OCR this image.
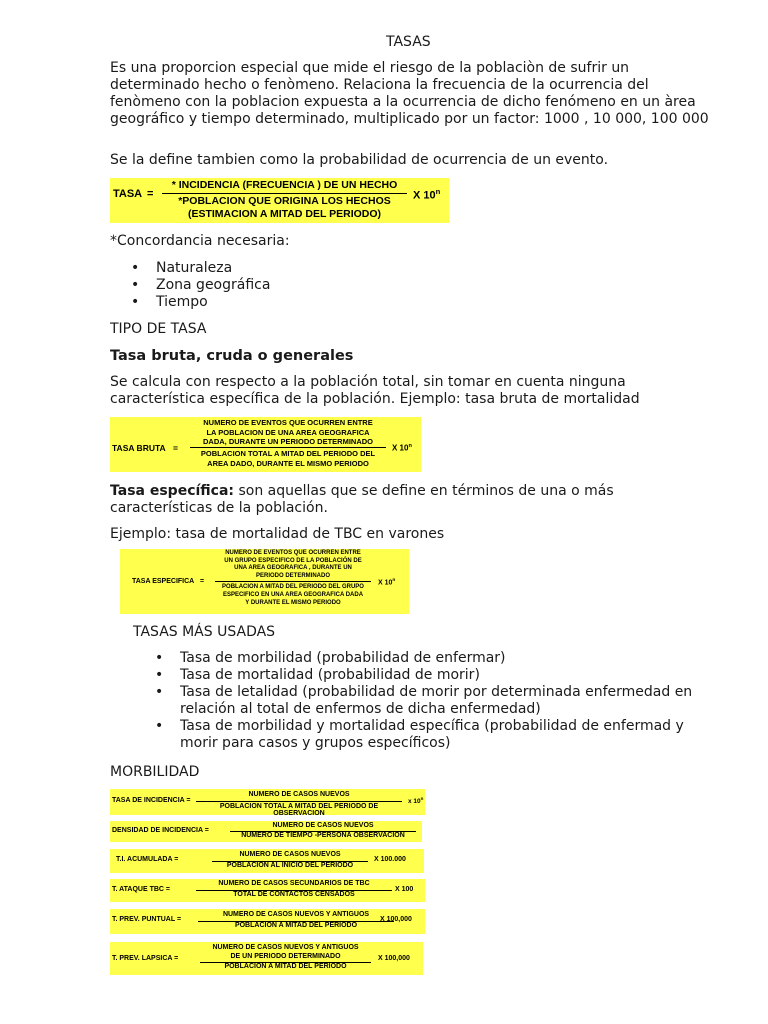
TASAS
Es una proporcion especial que mide el riesgo de la poblaciòn de sufrir un determinado hecho o fenòmeno. Relaciona la frecuencia de la ocurrencia del fenòmeno con la poblacion expuesta a la ocurrencia de dicho fenómeno en un àrea geográfico y tiempo determinado, multiplicado por un factor: 1000 , 10 000, 100 000
Se la define tambien como la probabilidad de ocurrencia de un evento.
TASA =
* INCIDENCIA (FRECUENCIA ) DE UN HECHO
*POBLACION QUE ORIGINA LOS HECHOS
(ESTIMACION A MITAD DEL PERIODO)
X 10$^n$
*Concordancia necesaria:
• Naturaleza
• Zona geográfica
• Tiempo
TIPO DE TASA
Tasa bruta, cruda o generales
Se calcula con respecto a la población total, sin tomar en cuenta ninguna característica específica de la población. Ejemplo: tasa bruta de mortalidad
TASA BRUTA =
NUMERO DE EVENTOS QUE OCURREN ENTRE
LA POBLACION DE UNA AREA GEOGRAFICA
DADA, DURANTE UN PERIODO DETERMINADO
POBLACION TOTAL A MITAD DEL PERIODO DEL
AREA DADO, DURANTE EL MISMO PERIODO
X 10$^n$
Tasa específica: son aquellas que se define en términos de una o más características de la población.
Ejemplo: tasa de mortalidad de TBC en varones
TASA ESPECIFICA =
NUMERO DE EVENTOS QUE OCURREN ENTRE
UN GRUPO ESPECIFICO DE LA POBLACIÓN DE
UNA AREA GEOGRAFICA , DURANTE UN
PERIODO DETERMINADO
POBLACION A MITAD DEL PERIODO DEL GRUPO
ESPECIFICO EN UNA AREA GEOGRAFICA DADA
Y DURANTE EL MISMO PERIODO
X 10$^n$
TASAS MÁS USADAS
• Tasa de morbilidad (probabilidad de enfermar)
• Tasa de mortalidad (probabilidad de morir)
• Tasa de letalidad (probabilidad de morir por determinada enfermedad en relación al total de enfermos de dicha enfermedad)
• Tasa de morbilidad y mortalidad específica (probabilidad de enfermad y morir para casos y grupos específicos)
MORBILIDAD
TASA DE INCIDENCIA =
NUMERO DE CASOS NUEVOS
POBLACION TOTAL A MITAD DEL PERIODO DE OBSERVACION
x 10$^n$
DENSIDAD DE INCIDENCIA =
NUMERO DE CASOS NUEVOS
NUMERO DE TIEMPO -PERSONA OBSERVACION
T.I. ACUMULADA =
NUMERO DE CASOS NUEVOS
POBLACION AL INICIO DEL PERIODO
X 100.000
T. ATAQUE TBC =
NUMERO DE CASOS SECUNDARIOS DE TBC
TOTAL DE CONTACTOS CENSADOS
X 100
T. PREV. PUNTUAL =
NUMERO DE CASOS NUEVOS Y ANTIGUOS
POBLACION A MITAD DEL PERIODO
X 100,000
T. PREV. LAPSICA =
NUMERO DE CASOS NUEVOS Y ANTIGUOS
DE UN PERIODO DETERMINADO
POBLACION A MITAD DEL PERIODO
X 100,000
